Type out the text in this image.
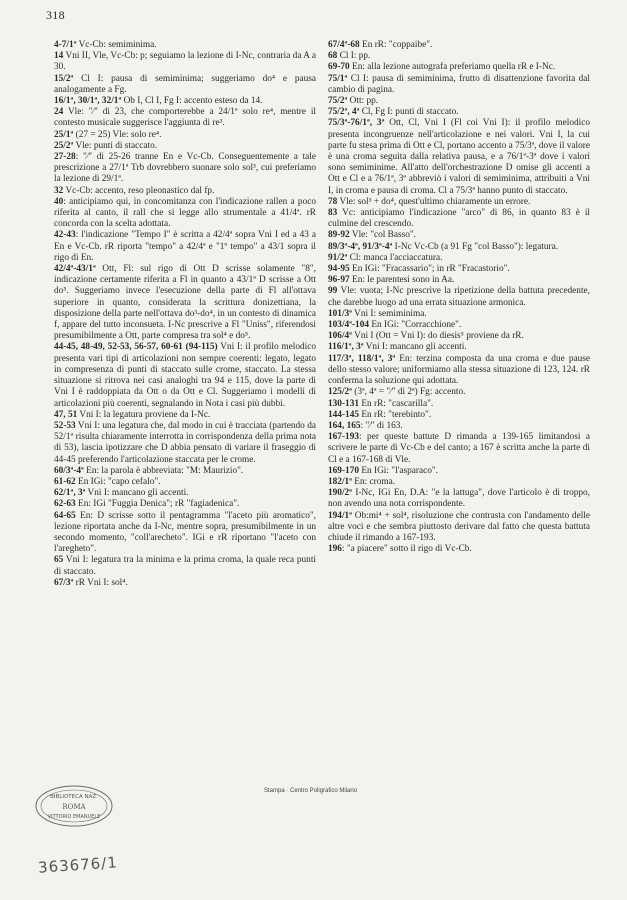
318

4-7/1ª Vc-Cb: semiminima.

14 Vni II, Vle, Vc-Cb: p; seguiamo la lezione di I-Nc, contraria da A a 30.

15/2ª Cl I: pausa di semiminima; suggeriamo do⁴ e pausa analogamente a Fg.

16/1ª, 30/1ª, 32/1ª Ob I, Cl I, Fg I: accento esteso da 14.

24 Vle: "⁄" di 23, che comporterebbe a 24/1ª solo re⁴, mentre il contesto musicale suggerisce l'aggiunta di re³.

25/1ª (27 = 25) Vle: solo re⁴.

25/2ª Vle: punti di staccato.

27-28: "⁄" di 25-26 tranne En e Vc-Cb. Conseguentemente a tale prescrizione a 27/1ª Trb dovrebbero suonare solo sol³, cui preferiamo la lezione di 29/1ª.

32 Vc-Cb: accento, reso pleonastico dal fp.

40: anticipiamo qui, in concomitanza con l'indicazione rallen a poco riferita al canto, il rall che si legge allo strumentale a 41/4ª. rR concorda con la scelta adottata.

42-43: l'indicazione "Tempo I" è scritta a 42/4ª sopra Vni I ed a 43 a En e Vc-Cb. rR riporta "tempo" a 42/4ª e "1º tempo" a 43/1 sopra il rigo di En.

42/4ª-43/1ª Ott, Fl: sul rigo di Ott D scrisse solamente "8", indicazione certamente riferita a Fl in quanto a 43/1ª D scrisse a Ott do⁵. Suggeriamo invece l'esecuzione della parte di Fl all'ottava superiore in quanto, considerata la scrittura donizettiana, la disposizione della parte nell'ottava do³-do⁴, in un contesto di dinamica f, appare del tutto inconsueta. I-Nc prescrive a Fl "Uniss", riferendosi presumibilmente a Ott, parte compresa tra sol⁴ e do⁵.

44-45, 48-49, 52-53, 56-57, 60-61 (94-115) Vni I: il profilo melodico presenta vari tipi di articolazioni non sempre coerenti: legato, legato in compresenza di punti di staccato sulle crome, staccato. La stessa situazione si ritrova nei casi analoghi tra 94 e 115, dove la parte di Vni I è raddoppiata da Ott o da Ott e Cl. Suggeriamo i modelli di articolazioni più coerenti, segnalando in Nota i casi più dubbi.

47, 51 Vni I: la legatura proviene da I-Nc.

52-53 Vni I: una legatura che, dal modo in cui è tracciata (partendo da 52/1ª risulta chiaramente interrotta in corrispondenza della prima nota di 53), lascia ipotizzare che D abbia pensato di variare il fraseggio di 44-45 preferendo l'articolazione staccata per le crome.

60/3ª-4ª En: la parola è abbreviata: "M: Maurizio".

61-62 En IGi: "capo cefalo".

62/1ª, 3ª Vni I: mancano gli accenti.

62-63 En: IGi "Fuggia Denica"; rR "fagiadenica".

64-65 En: D scrisse sotto il pentagramma "l'aceto più aromatico", lezione riportata anche da I-Nc, mentre sopra, presumibilmente in un secondo momento, "coll'arecheto". IGi e rR riportano "l'aceto con l'aregheto".

65 Vni I: legatura tra la minima e la prima croma, la quale reca punti di staccato.

67/3ª rR Vni I: sol⁴.

67/4ª-68 En rR: "coppaibe".

68 Cl I: pp.

69-70 En: alla lezione autografa preferiamo quella rR e I-Nc.

75/1ª Cl I: pausa di semiminima, frutto di disattenzione favorita dal cambio di pagina.

75/2ª Ott: pp.

75/2ª, 4ª Cl, Fg I: punti di staccato.

75/3ª-76/1ª, 3ª Ott, Cl, Vni I (Fl coi Vni I): il profilo melodico presenta incongruenze nell'articolazione e nei valori. Vni I, la cui parte fu stesa prima di Ott e Cl, portano accento a 75/3ª, dove il valore è una croma seguita dalla relativa pausa, e a 76/1ª-3ª dove i valori sono semiminime. All'atto dell'orchestrazione D omise gli accenti a Ott e Cl e a 76/1ª, 3ª abbreviò i valori di semiminima, attribuiti a Vni I, in croma e pausa di croma. Cl a 75/3ª hanno punto di staccato.

78 Vle: sol³ + do⁴, quest'ultimo chiaramente un errore.

83 Vc: anticipiamo l'indicazione "arco" di 86, in quanto 83 è il culmine del crescendo.

89-92 Vle: "col Basso".

89/3ª-4ª, 91/3ª-4ª I-Nc Vc-Cb (a 91 Fg "col Basso"): legatura.

91/2ª Cl: manca l'acciaccatura.

94-95 En IGi: "Fracassario"; in rR "Fracastorio".

96-97 En: le parentesi sono in Aa.

99 Vle: vuota; I-Nc prescrive la ripetizione della battuta precedente, che darebbe luogo ad una errata situazione armonica.

101/3ª Vni I: semiminima.

103/4ª-104 En IGi: "Corracchione".

106/4ª Vni I (Ott = Vni I): do diesis⁵ proviene da rR.

116/1ª, 3ª Vni I: mancano gli accenti.

117/3ª, 118/1ª, 3ª En: terzina composta da una croma e due pause dello stesso valore; uniformiamo alla stessa situazione di 123, 124. rR conferma la soluzione qui adottata.

125/2ª (3ª, 4ª = "⁄" di 2ª) Fg: accento.

130-131 En rR: "cascarilla".

144-145 En rR: "terebinto".

164, 165: "⁄" di 163.

167-193: per queste battute D rimanda a 139-165 limitandosi a scrivere le parte di Vc-Cb e del canto; a 167 è scritta anche la parte di Cl e a 167-168 di Vle.

169-170 En IGi: "l'asparaco".

182/1ª En: croma.

190/2ª I-Nc, IGi En, D.A: "e la lattuga", dove l'articolo è di troppo, non avendo una nota corrispondente.

194/1ª Ob:mi⁴ + sol⁴, risoluzione che contrasta con l'andamento delle altre voci e che sembra piuttosto derivare dal fatto che questa battuta chiude il rimando a 167-193.

196: "a piacere" sotto il rigo di Vc-Cb.

Stampa · Centro Poligrafico Milano
BIBLIOTECA NAZ.
ROMA
VITTORIO EMANUELE
363676/1
